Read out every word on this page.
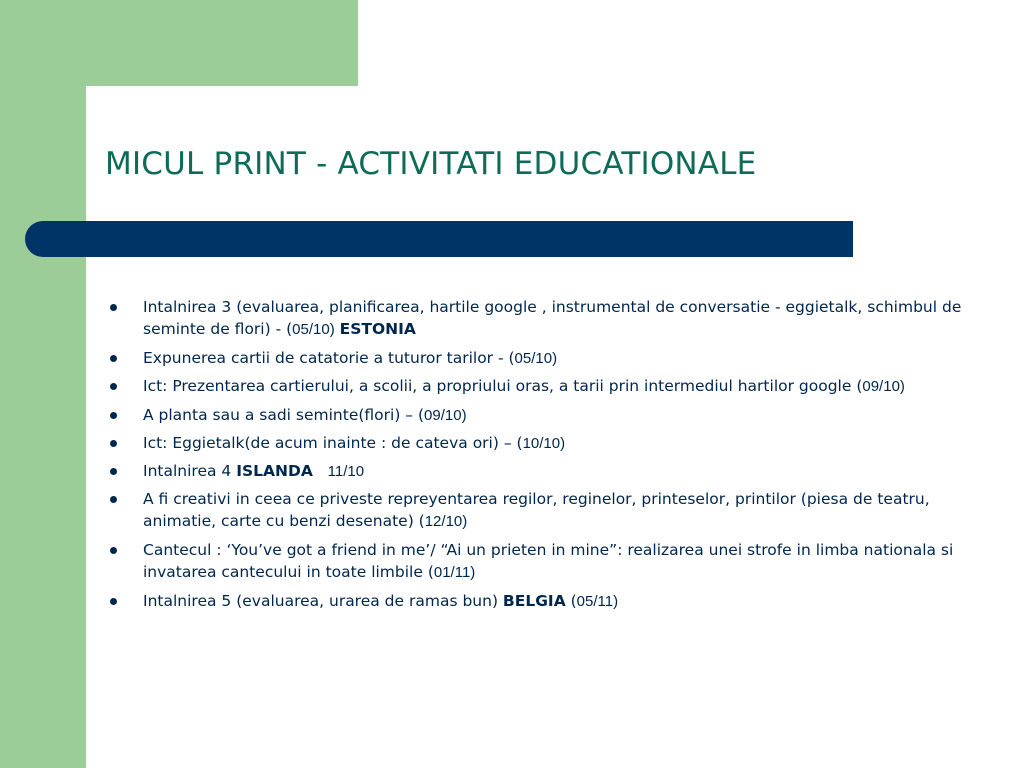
MICUL PRINT - ACTIVITATI EDUCATIONALE
Intalnirea 3 (evaluarea, planificarea, hartile google , instrumental de conversatie - eggietalk, schimbul de seminte de flori) - (05/10) ESTONIA
Expunerea cartii de catatorie a tuturor tarilor - (05/10)
Ict: Prezentarea cartierului, a scolii, a propriului oras, a tarii prin intermediul hartilor google (09/10)
A planta sau a sadi seminte(flori) – (09/10)
Ict: Eggietalk(de acum inainte : de cateva ori) – (10/10)
Intalnirea 4 ISLANDA 11/10
A fi creativi in ceea ce priveste repreyentarea regilor, reginelor, printeselor, printilor (piesa de teatru, animatie, carte cu benzi desenate) (12/10)
Cantecul : ‘You’ve got a friend in me’/ “Ai un prieten in mine”: realizarea unei strofe in limba nationala si invatarea cantecului in toate limbile (01/11)
Intalnirea 5 (evaluarea, urarea de ramas bun) BELGIA (05/11)
